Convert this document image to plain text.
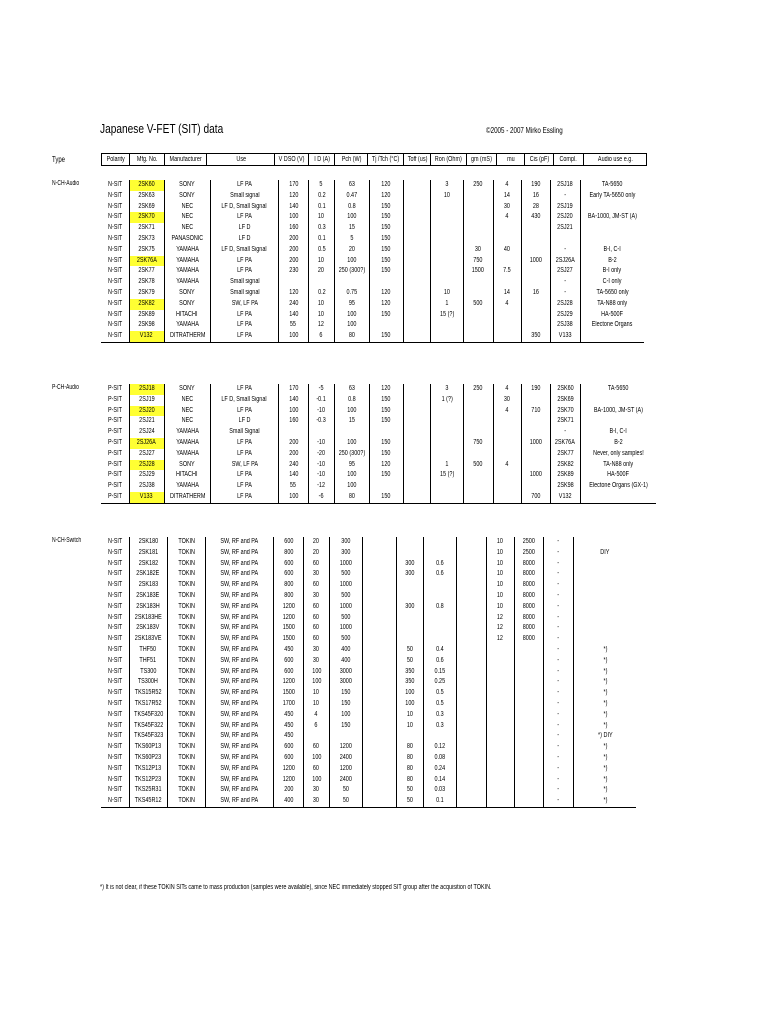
Japanese V-FET (SIT) data	©2005 - 2007 Mirko Essling
Type	Polarity	Mfg. No.	Manufacturer	Use	V DSO (V)	I D (A)	Pch (W)	Tj /Tch (°C)	Toff (us)	Ron (Ohm)	gm (mS)	mu	Cis (pF)	Compl.	Audio use e.g.
N-CH-Audio	N-SIT	2SK60	SONY	LF PA	170	5	63	120		3	250	4	190	2SJ18	TA-5650
N-SIT	2SK63	SONY	Small signal	120	0.2	0.47	120		10		14	16	-	Early TA-5650 only
N-SIT	2SK69	NEC	LF D, Small Signal	140	0.1	0.8	150				30	28	2SJ19	
N-SIT	2SK70	NEC	LF PA	100	10	100	150				4	430	2SJ20	BA-1000, JM-ST (A)
N-SIT	2SK71	NEC	LF D	160	0.3	15	150						2SJ21	
N-SIT	2SK73	PANASONIC	LF D	200	0.1	5	150							
N-SIT	2SK75	YAMAHA	LF D, Small Signal	200	0.5	20	150			30	40		-	B-I, C-I
N-SIT	2SK76A	YAMAHA	LF PA	200	10	100	150			750		1000	2SJ26A	B-2
N-SIT	2SK77	YAMAHA	LF PA	230	20	250 (300?)	150			1500	7.5		2SJ27	B-I only
N-SIT	2SK78	YAMAHA	Small signal										-	C-I only
N-SIT	2SK79	SONY	Small signal	120	0.2	0.75	120		10		14	16	-	TA-5650 only
N-SIT	2SK82	SONY	SW, LF PA	240	10	95	120		1	500	4		2SJ28	TA-N88 only
N-SIT	2SK89	HITACHI	LF PA	140	10	100	150		15 (?)				2SJ29	HA-500F
N-SIT	2SK98	YAMAHA	LF PA	55	12	100							2SJ38	Electone Organs
N-SIT	V132	DITRATHERM	LF PA	100	6	80	150					350	V133	
P-CH-Audio	P-SIT	2SJ18	SONY	LF PA	170	-5	63	120		3	250	4	190	2SK60	TA-5650
P-SIT	2SJ19	NEC	LF D, Small Signal	140	-0.1	0.8	150		1 (?)		30		2SK69	
P-SIT	2SJ20	NEC	LF PA	100	-10	100	150				4	710	2SK70	BA-1000, JM-ST (A)
P-SIT	2SJ21	NEC	LF D	160	-0.3	15	150						2SK71	
P-SIT	2SJ24	YAMAHA	Small Signal										-	B-I, C-I
P-SIT	2SJ26A	YAMAHA	LF PA	200	-10	100	150			750		1000	2SK76A	B-2
P-SIT	2SJ27	YAMAHA	LF PA	200	-20	250 (300?)	150						2SK77	Never, only samples!
P-SIT	2SJ28	SONY	SW, LF PA	240	-10	95	120		1	500	4		2SK82	TA-N88 only
P-SIT	2SJ29	HITACHI	LF PA	140	-10	100	150		15 (?)			1000	2SK89	HA-500F
P-SIT	2SJ38	YAMAHA	LF PA	55	-12	100							2SK98	Electone Organs (GX-1)
P-SIT	V133	DITRATHERM	LF PA	100	-6	80	150					700	V132	
N-CH-Switch	N-SIT	2SK180	TOKIN	SW, RF and PA	600	20	300					10	2500	-	
N-SIT	2SK181	TOKIN	SW, RF and PA	800	20	300					10	2500	-	DIY
N-SIT	2SK182	TOKIN	SW, RF and PA	600	60	1000		300	0.6		10	8000	-	
N-SIT	2SK182E	TOKIN	SW, RF and PA	600	30	500		300	0.6		10	8000	-	
N-SIT	2SK183	TOKIN	SW, RF and PA	800	60	1000					10	8000	-	
N-SIT	2SK183E	TOKIN	SW, RF and PA	800	30	500					10	8000	-	
N-SIT	2SK183H	TOKIN	SW, RF and PA	1200	60	1000		300	0.8		10	8000	-	
N-SIT	2SK183HE	TOKIN	SW, RF and PA	1200	60	500					12	8000	-	
N-SIT	2SK183V	TOKIN	SW, RF and PA	1500	60	1000					12	8000	-	
N-SIT	2SK183VE	TOKIN	SW, RF and PA	1500	60	500					12	8000	-	
N-SIT	THF50	TOKIN	SW, RF and PA	450	30	400		50	0.4				-	*)
N-SIT	THF51	TOKIN	SW, RF and PA	600	30	400		50	0.6				-	*)
N-SIT	TS300	TOKIN	SW, RF and PA	600	100	3000		350	0.15				-	*)
N-SIT	TS300H	TOKIN	SW, RF and PA	1200	100	3000		350	0.25				-	*)
N-SIT	TKS15R52	TOKIN	SW, RF and PA	1500	10	150		100	0.5				-	*)
N-SIT	TKS17R52	TOKIN	SW, RF and PA	1700	10	150		100	0.5				-	*)
N-SIT	TKS45F320	TOKIN	SW, RF and PA	450	4	100		10	0.3				-	*)
N-SIT	TKS45F322	TOKIN	SW, RF and PA	450	6	150		10	0.3				-	*)
N-SIT	TKS45F323	TOKIN	SW, RF and PA	450									-	*) DIY
N-SIT	TKS60P13	TOKIN	SW, RF and PA	600	60	1200		80	0.12				-	*)
N-SIT	TKS60P23	TOKIN	SW, RF and PA	600	100	2400		80	0.08				-	*)
N-SIT	TKS12P13	TOKIN	SW, RF and PA	1200	60	1200		80	0.24				-	*)
N-SIT	TKS12P23	TOKIN	SW, RF and PA	1200	100	2400		80	0.14				-	*)
N-SIT	TKS25R31	TOKIN	SW, RF and PA	200	30	50		50	0.03				-	*)
N-SIT	TKS45R12	TOKIN	SW, RF and PA	400	30	50		50	0.1				-	*)
*) It is not clear, if these TOKIN SITs came to mass production (samples were available), since NEC immediately stopped SIT group after the acquisition of TOKIN.
